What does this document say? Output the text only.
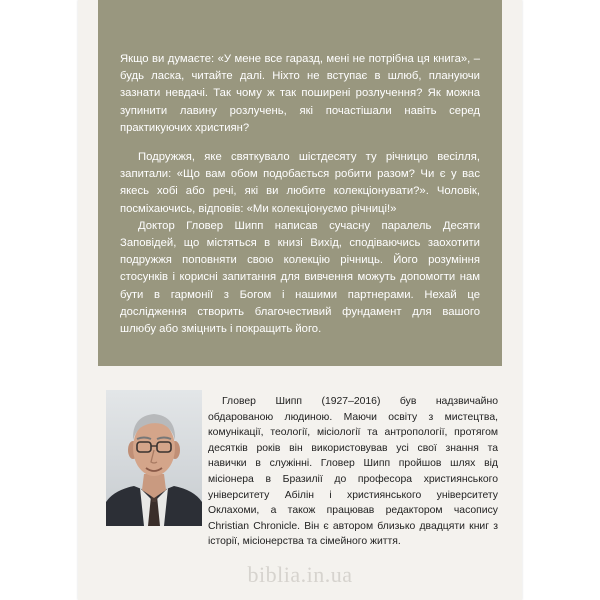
Якщо ви думаєте: «У мене все гаразд, мені не потрібна ця книга», – будь ласка, читайте далі. Ніхто не вступає в шлюб, плануючи зазнати невдачі. Так чому ж так поширені розлучення? Як можна зупинити лавину розлучень, які почастішали навіть серед практикуючих християн?

Подружжя, яке святкувало шістдесяту ту річницю весілля, запитали: «Що вам обом подобається робити разом? Чи є у вас якесь хобі або речі, які ви любите колекціонувати?». Чоловік, посміхаючись, відповів: «Ми колекціонуємо річниці!»

Доктор Гловер Шипп написав сучасну паралель Десяти Заповідей, що містяться в книзі Вихід, сподіваючись заохотити подружжя поповняти свою колекцію річниць. Його розуміння стосунків і корисні запитання для вивчення можуть допомогти нам бути в гармонії з Богом і нашими партнерами. Нехай це дослідження створить благочестивий фундамент для вашого шлюбу або зміцнить і покращить його.

Гловер Шипп (1927–2016) був надзвичайно обдарованою людиною. Маючи освіту з мистецтва, комунікації, теології, місіології та антропології, протягом десятків років він використовував усі свої знання та навички в служінні. Гловер Шипп пройшов шлях від місіонера в Бразилії до професора християнського університету Абілін і християнського університету Оклахоми, а також працював редактором часопису Christian Chronicle. Він є автором близько двадцяти книг з історії, місіонерства та сімейного життя.
biblia.in.ua
